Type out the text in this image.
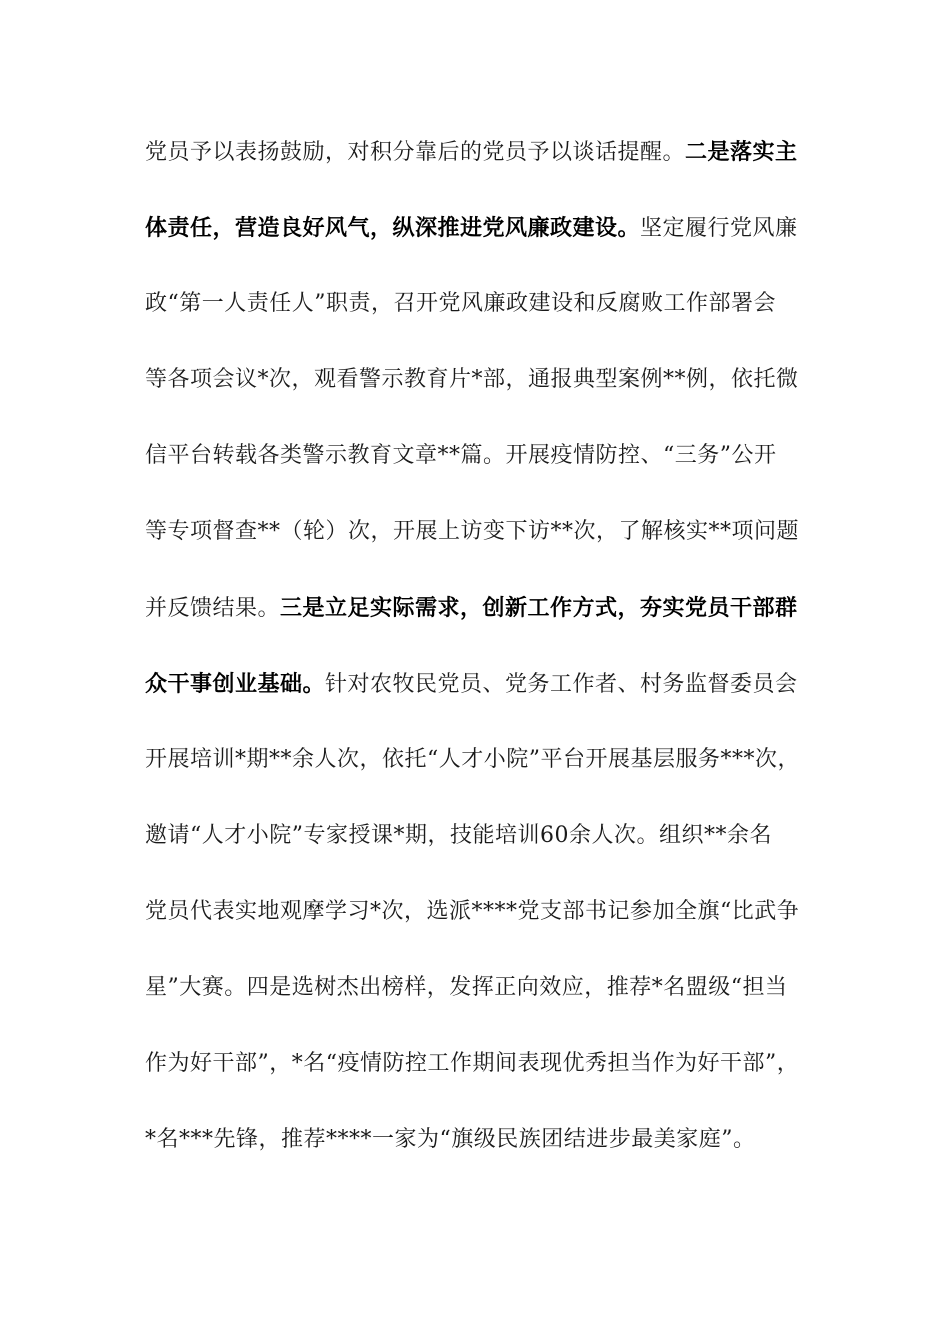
党员予以表扬鼓励，对积分靠后的党员予以谈话提醒。二是落实主
体责任，营造良好风气，纵深推进党风廉政建设。坚定履行党风廉
政“第一人责任人”职责，召开党风廉政建设和反腐败工作部署会
等各项会议*次，观看警示教育片*部，通报典型案例**例，依托微
信平台转载各类警示教育文章**篇。开展疫情防控、“三务”公开
等专项督查**（轮）次，开展上访变下访**次，了解核实**项问题
并反馈结果。三是立足实际需求，创新工作方式，夯实党员干部群
众干事创业基础。针对农牧民党员、党务工作者、村务监督委员会
开展培训*期**余人次，依托“人才小院”平台开展基层服务***次，
邀请“人才小院”专家授课*期，技能培训60余人次。组织**余名
党员代表实地观摩学习*次，选派****党支部书记参加全旗“比武争
星”大赛。四是选树杰出榜样，发挥正向效应，推荐*名盟级“担当
作为好干部”，*名“疫情防控工作期间表现优秀担当作为好干部”，
*名***先锋，推荐****一家为“旗级民族团结进步最美家庭”。
